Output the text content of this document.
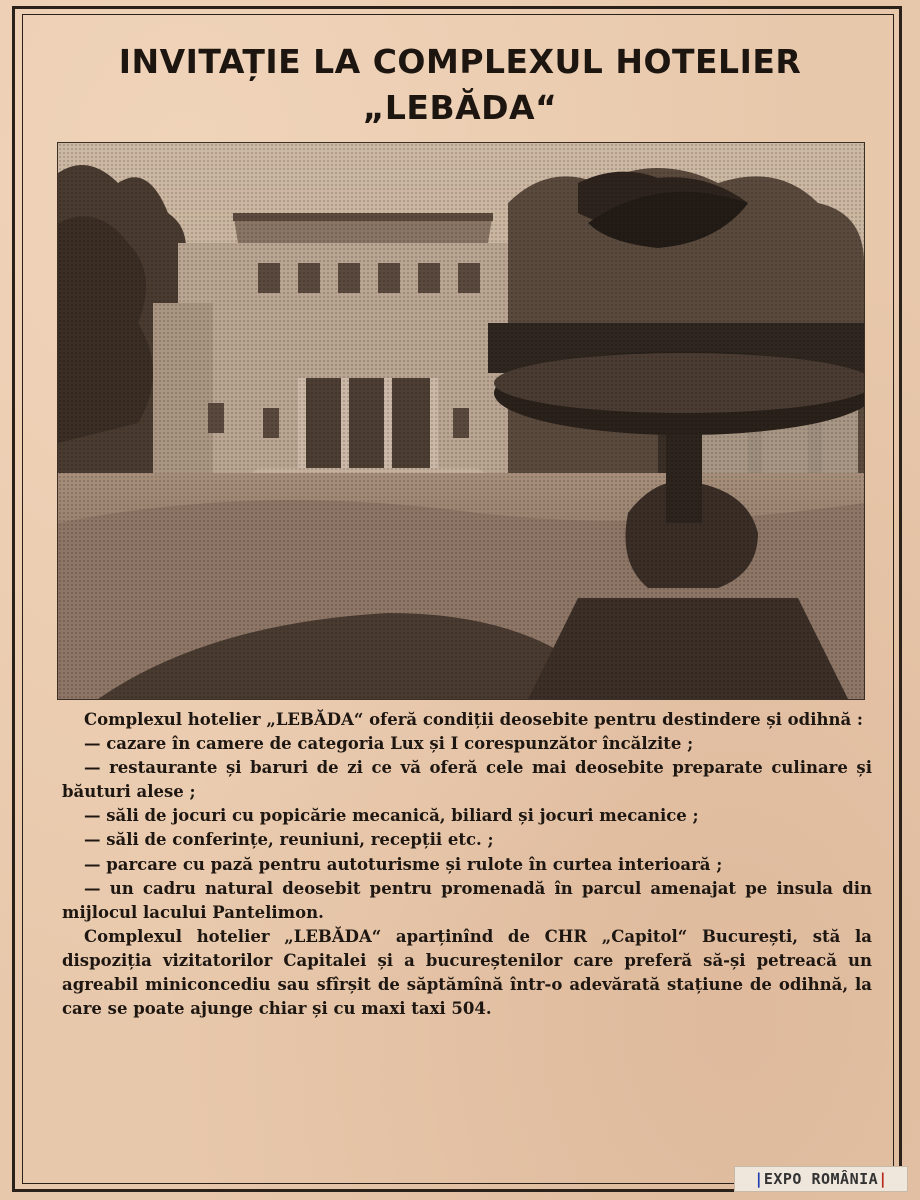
INVITAȚIE LA COMPLEXUL HOTELIER
„LEBĂDA“

Complexul hotelier „LEBĂDA“ oferă condiții deosebite pentru destindere și odihnă :

— cazare în camere de categoria Lux și I corespunzător încălzite ;

— restaurante și baruri de zi ce vă oferă cele mai deosebite preparate culinare și băuturi alese ;

— săli de jocuri cu popicărie mecanică, biliard și jocuri mecanice ;

— săli de conferințe, reuniuni, recepții etc. ;

— parcare cu pază pentru autoturisme și rulote în curtea interioară ;

— un cadru natural deosebit pentru promenadă în parcul amenajat pe insula din mijlocul lacului Pantelimon.

Complexul hotelier „LEBĂDA“ aparținînd de CHR „Capitol“ București, stă la dispoziția vizitatorilor Capitalei și a bucureștenilor care preferă să-și petreacă un agreabil miniconcediu sau sfîrșit de săptămînă într-o adevărată stațiune de odihnă, la care se poate ajunge chiar și cu maxi taxi 504.

|EXPO ROMÂNIA|
